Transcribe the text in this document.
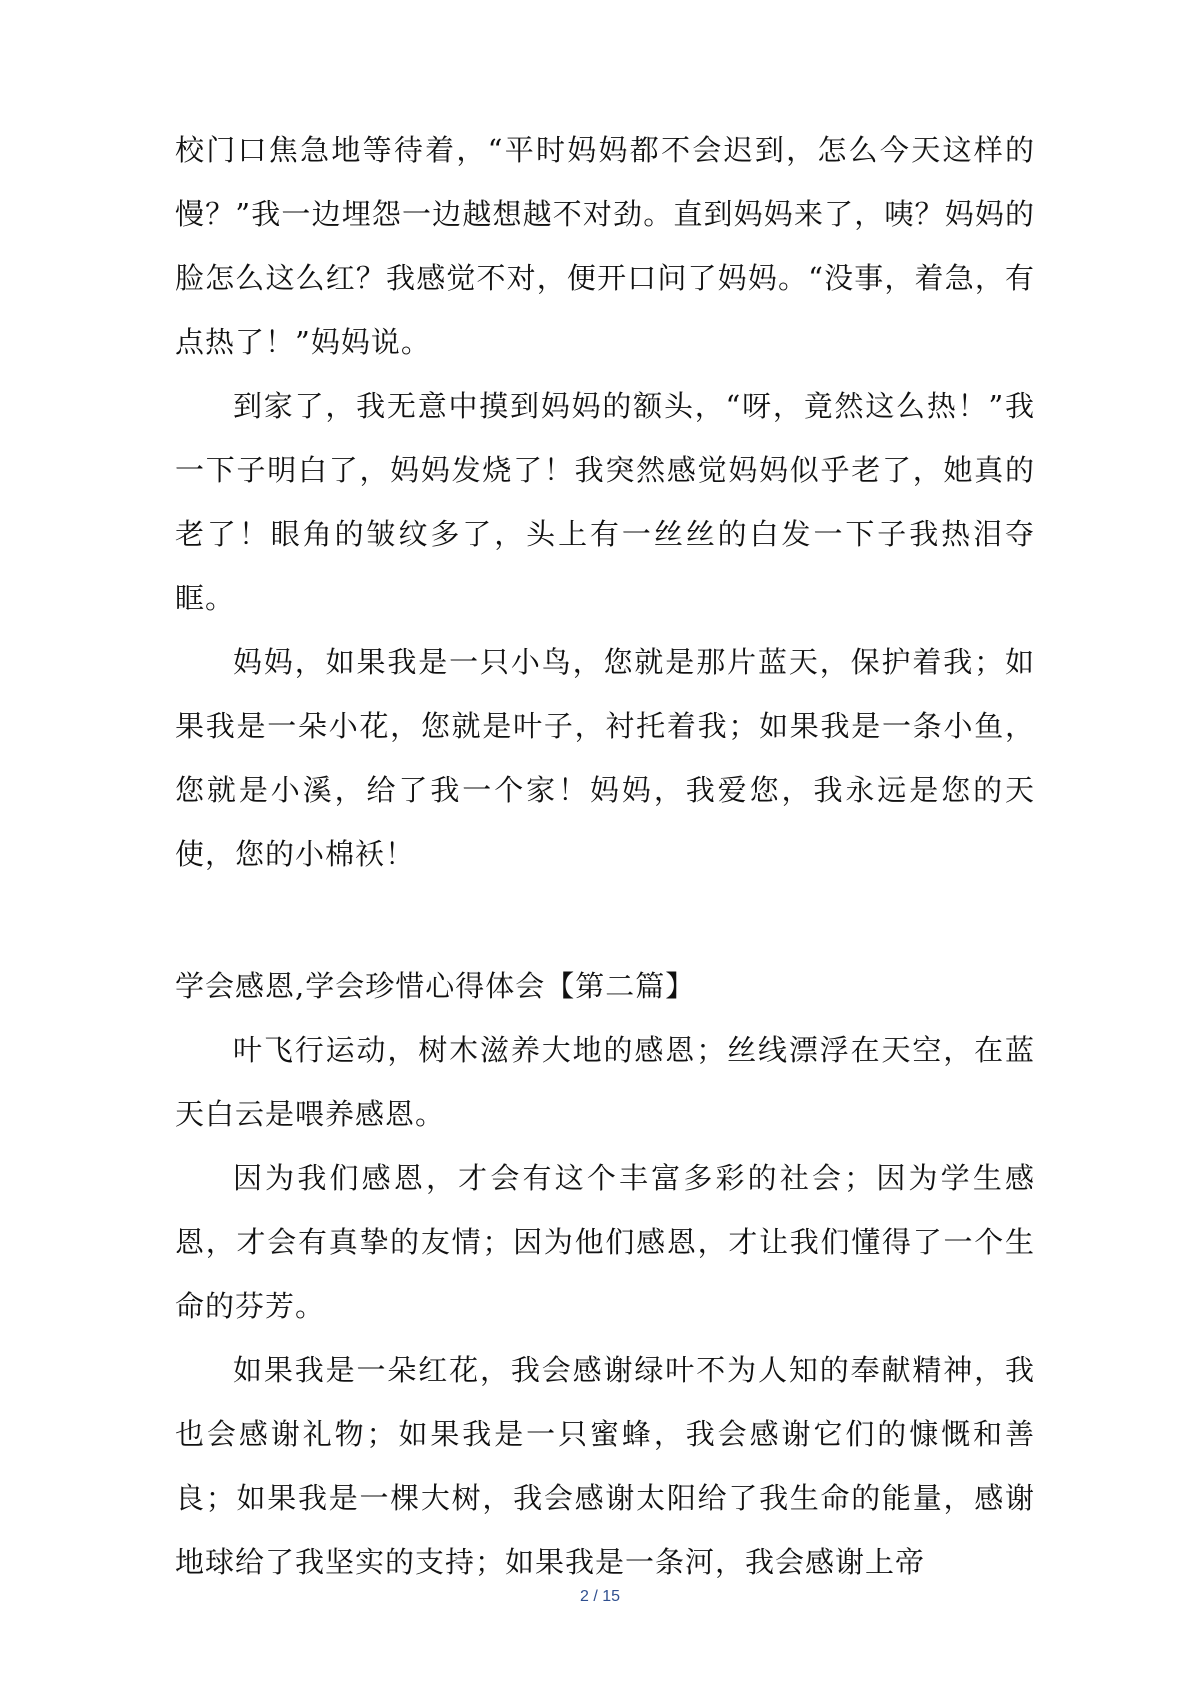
校门口焦急地等待着，“平时妈妈都不会迟到，怎么今天这样的慢？”我一边埋怨一边越想越不对劲。直到妈妈来了，咦？妈妈的脸怎么这么红？我感觉不对，便开口问了妈妈。“没事，着急，有点热了！”妈妈说。

到家了，我无意中摸到妈妈的额头，“呀，竟然这么热！”我一下子明白了，妈妈发烧了！我突然感觉妈妈似乎老了，她真的老了！眼角的皱纹多了，头上有一丝丝的白发一下子我热泪夺眶。

妈妈，如果我是一只小鸟，您就是那片蓝天，保护着我；如果我是一朵小花，您就是叶子，衬托着我；如果我是一条小鱼，您就是小溪，给了我一个家！妈妈，我爱您，我永远是您的天使，您的小棉袄！

学会感恩,学会珍惜心得体会【第二篇】

叶飞行运动，树木滋养大地的感恩；丝线漂浮在天空，在蓝天白云是喂养感恩。

因为我们感恩，才会有这个丰富多彩的社会；因为学生感恩，才会有真挚的友情；因为他们感恩，才让我们懂得了一个生命的芬芳。

如果我是一朵红花，我会感谢绿叶不为人知的奉献精神，我也会感谢礼物；如果我是一只蜜蜂，我会感谢它们的慷慨和善良；如果我是一棵大树，我会感谢太阳给了我生命的能量，感谢地球给了我坚实的支持；如果我是一条河，我会感谢上帝

2 / 15
